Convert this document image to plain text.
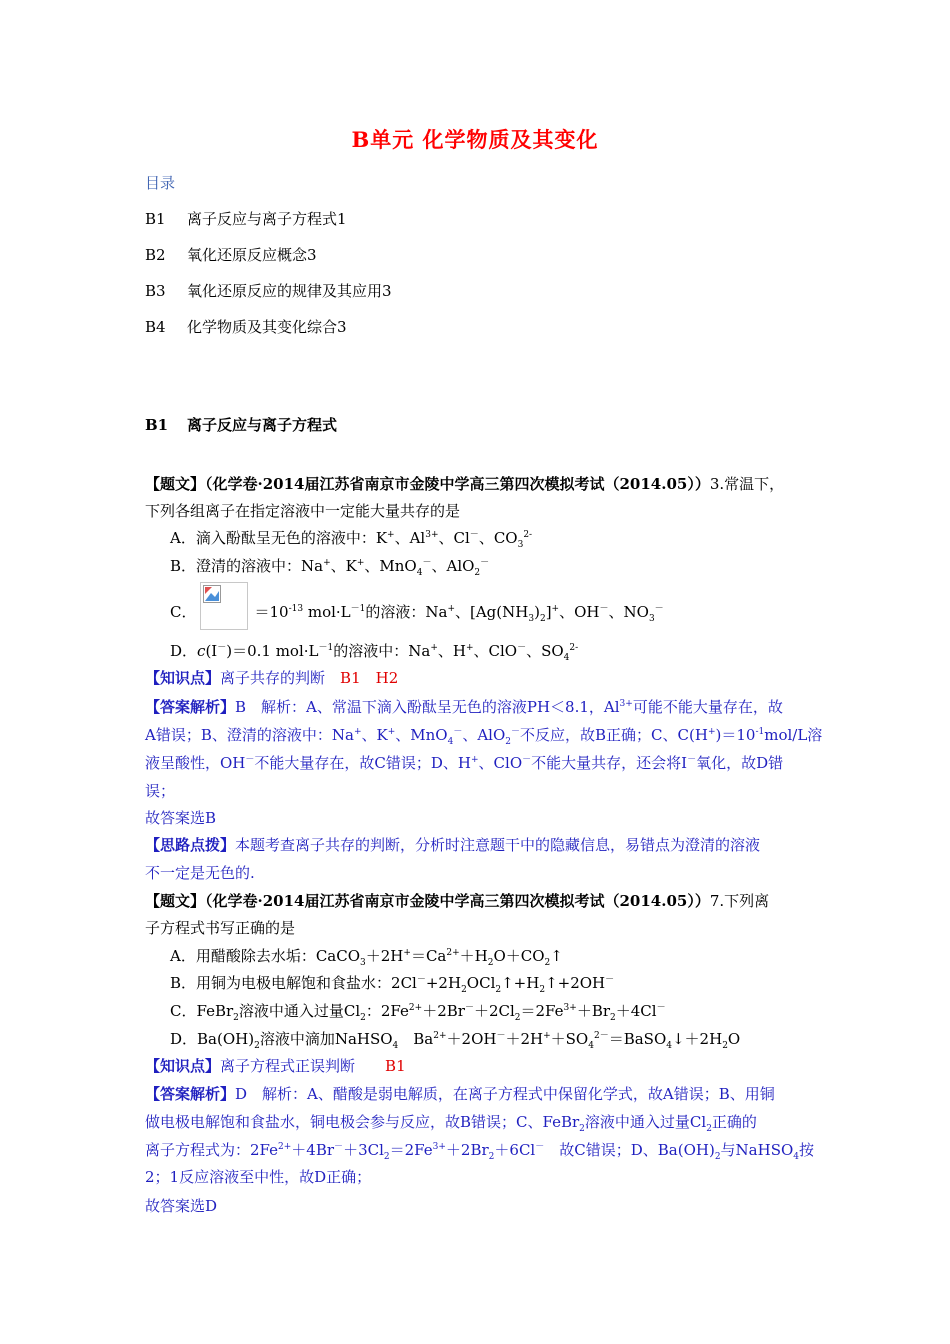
B单元 化学物质及其变化
目录
B1 离子反应与离子方程式1
B2 氧化还原反应概念3
B3 氧化还原反应的规律及其应用3
B4 化学物质及其变化综合3
B1 离子反应与离子方程式
【题文】（化学卷·2014届江苏省南京市金陵中学高三第四次模拟考试（2014.05））3.常温下，
下列各组离子在指定溶液中一定能大量共存的是
A．滴入酚酞呈无色的溶液中：K+、$Al^{3+}$、Cl－、$CO_3^{2-}$
B．澄清的溶液中：Na+、K+、MnO$_4$－、AlO$_2$－
C．	$=10^{-13}$ $mol\cdot L^{-1}$的溶液：Na+、$[Ag(NH_3)_2]^+$、OH－、$NO_3^-$
D．c(I－)＝0.1 $mol\cdot L^{-1}$的溶液中：Na+、H+、ClO－、$SO_4^{2-}$
【知识点】离子共存的判断　 B1　H2
【答案解析】B　解析：A、常温下滴入酚酞呈无色的溶液PH＜8.1，$Al^{3+}$可能不能大量存在，故
A错误；B、澄清的溶液中：Na+、K+、MnO$_4$－、AlO$_2$－不反应，故B正确；C、$C(H^+)=10^{-1}mol/L$溶
液呈酸性，OH－不能大量存在，故C错误；D、H+、ClO－不能大量共存，还会将I－氧化，故D错
误；
故答案选B
【思路点拨】本题考查离子共存的判断，分析时注意题干中的隐藏信息，易错点为澄清的溶液
不一定是无色的.
【题文】（化学卷·2014届江苏省南京市金陵中学高三第四次模拟考试（2014.05））7.下列离
子方程式书写正确的是
A．用醋酸除去水垢：$CaCO_3+2H^+=Ca^{2+}+H_2O+CO_2↑$
B．用铜为电极电解饱和食盐水：$2Cl^-+2H_2OCl_2↑+H_2↑+2OH^-$
C．FeBr$_2$溶液中通入过量$Cl_2$：$2Fe^{2+}+2Br^-+2Cl_2=2Fe^{3+}+Br_2+4Cl^-$
D．$Ba(OH)_2$溶液中滴加NaHSO$_4$　$Ba^{2+}+2OH^-+2H^++SO_4^{2-}=BaSO_4↓+2H_2O$
【知识点】离子方程式正误判断　　 B1
【答案解析】D　解析：A、醋酸是弱电解质，在离子方程式中保留化学式，故A错误；B、用铜
做电极电解饱和食盐水，铜电极会参与反应，故B错误；C、FeBr$_2$溶液中通入过量$Cl_2$正确的
离子方程式为：$2Fe^{2+}+4Br^-+3Cl_2=2Fe^{3+}+2Br_2+6Cl^-$　故C错误；D、$Ba(OH)_2$与NaHSO$_4$按
2；1反应溶液至中性，故D正确；
故答案选D
